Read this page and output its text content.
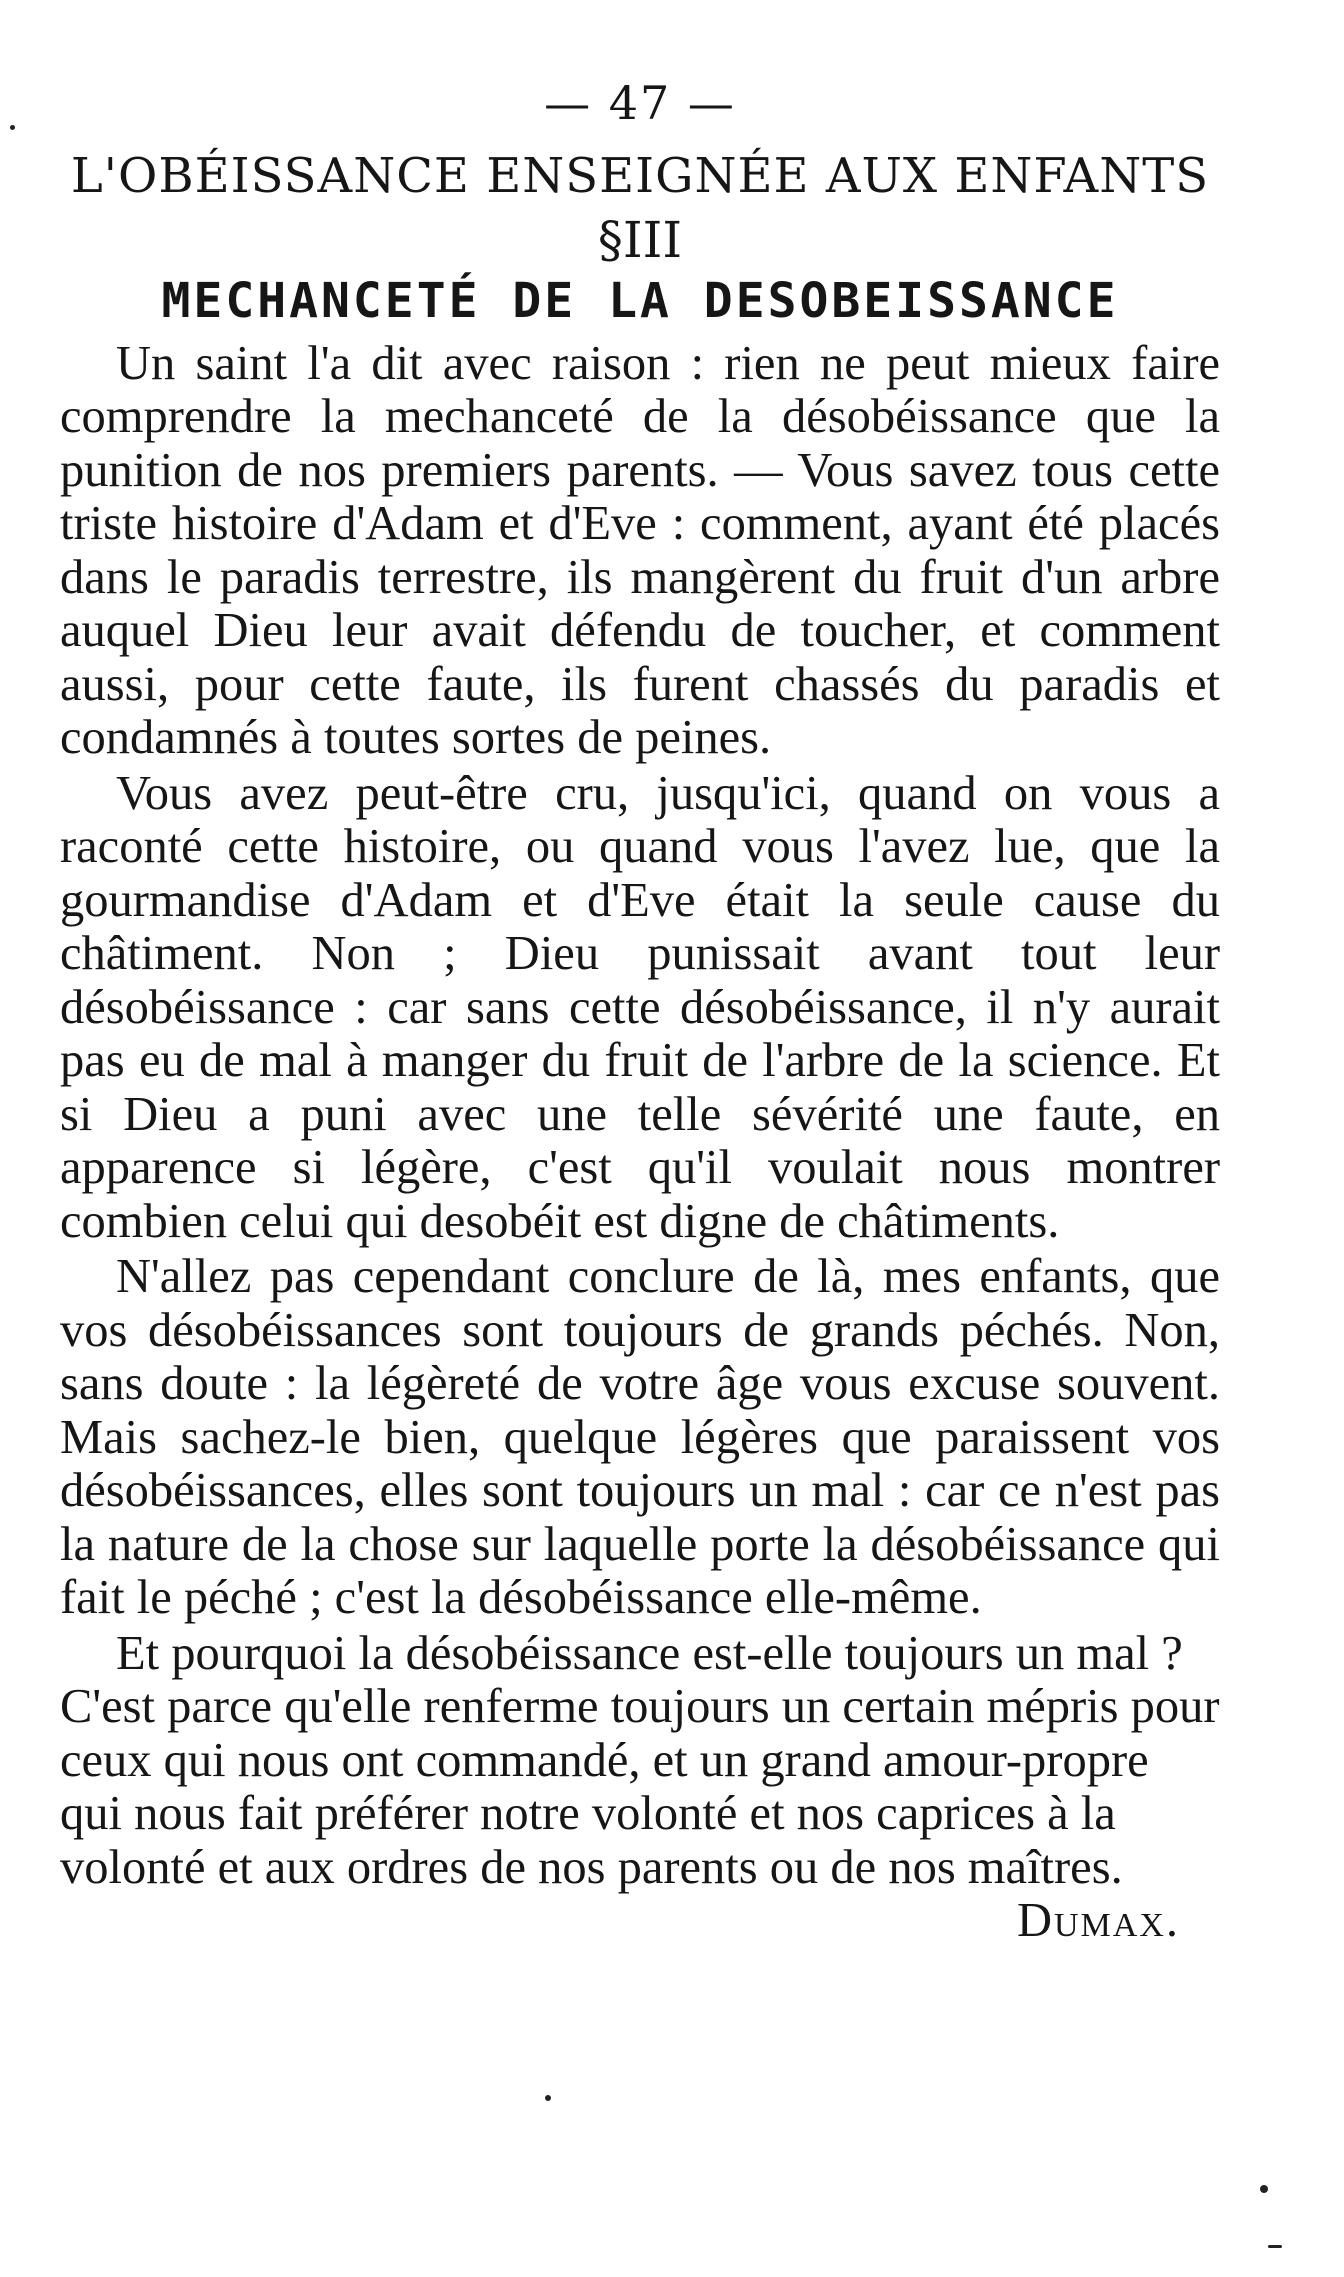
— 47 —
L'OBÉISSANCE ENSEIGNÉE AUX ENFANTS
§III
MECHANCETÉ DE LA DESOBEISSANCE

Un saint l'a dit avec raison : rien ne peut mieux faire comprendre la mechanceté de la désobéissance que la punition de nos premiers parents. — Vous savez tous cette triste histoire d'Adam et d'Eve : comment, ayant été placés dans le paradis terrestre, ils mangèrent du fruit d'un arbre auquel Dieu leur avait défendu de toucher, et comment aussi, pour cette faute, ils furent chassés du paradis et condamnés à toutes sortes de peines.

Vous avez peut-être cru, jusqu'ici, quand on vous a raconté cette histoire, ou quand vous l'avez lue, que la gourmandise d'Adam et d'Eve était la seule cause du châtiment. Non ; Dieu punissait avant tout leur désobéissance : car sans cette désobéissance, il n'y aurait pas eu de mal à manger du fruit de l'arbre de la science. Et si Dieu a puni avec une telle sévérité une faute, en apparence si légère, c'est qu'il voulait nous montrer combien celui qui desobéit est digne de châtiments.

N'allez pas cependant conclure de là, mes enfants, que vos désobéissances sont toujours de grands péchés. Non, sans doute : la légèreté de votre âge vous excuse souvent. Mais sachez-le bien, quelque légères que paraissent vos désobéissances, elles sont toujours un mal : car ce n'est pas la nature de la chose sur laquelle porte la désobéissance qui fait le péché ; c'est la désobéissance elle-même.

Et pourquoi la désobéissance est-elle toujours un mal ? C'est parce qu'elle renferme toujours un certain mépris pour ceux qui nous ont commandé, et un grand amour-propre qui nous fait préférer notre volonté et nos caprices à la volonté et aux ordres de nos parents ou de nos maîtres.
Dumax.
